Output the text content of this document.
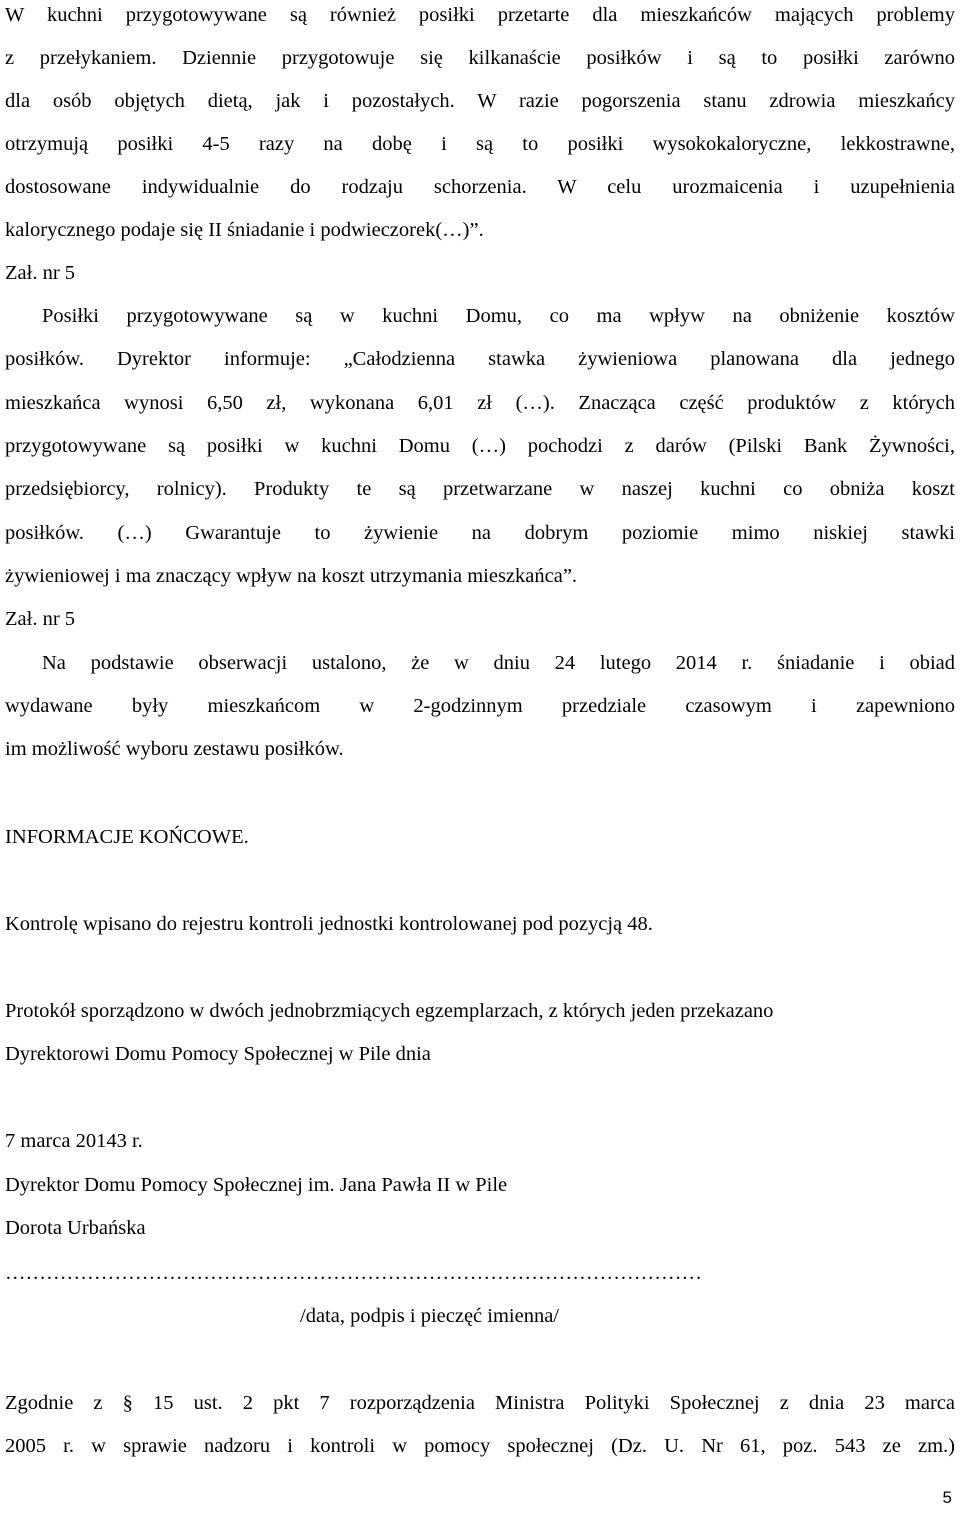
W kuchni przygotowywane są również posiłki przetarte dla mieszkańców mających problemy
z przełykaniem. Dziennie przygotowuje się kilkanaście posiłków i są to posiłki zarówno
dla osób objętych dietą, jak i pozostałych. W razie pogorszenia stanu zdrowia mieszkańcy
otrzymują posiłki 4-5 razy na dobę i są to posiłki wysokokaloryczne, lekkostrawne,
dostosowane indywidualnie do rodzaju schorzenia. W celu urozmaicenia i uzupełnienia
kalorycznego podaje się II śniadanie i podwieczorek(…)”.
Zał. nr 5
Posiłki przygotowywane są w kuchni Domu, co ma wpływ na obniżenie kosztów
posiłków. Dyrektor informuje: „Całodzienna stawka żywieniowa planowana dla jednego
mieszkańca wynosi 6,50 zł, wykonana 6,01 zł (…). Znacząca część produktów z których
przygotowywane są posiłki w kuchni Domu (…) pochodzi z darów (Pilski Bank Żywności,
przedsiębiorcy, rolnicy). Produkty te są przetwarzane w naszej kuchni co obniża koszt
posiłków. (…) Gwarantuje to żywienie na dobrym poziomie mimo niskiej stawki
żywieniowej i ma znaczący wpływ na koszt utrzymania mieszkańca”.
Zał. nr 5
Na podstawie obserwacji ustalono, że w dniu 24 lutego 2014 r. śniadanie i obiad
wydawane były mieszkańcom w 2-godzinnym przedziale czasowym i zapewniono
im możliwość wyboru zestawu posiłków.
INFORMACJE KOŃCOWE.
Kontrolę wpisano do rejestru kontroli jednostki kontrolowanej pod pozycją 48.
Protokół sporządzono w dwóch jednobrzmiących egzemplarzach, z których jeden przekazano
Dyrektorowi Domu Pomocy Społecznej w Pile dnia
7 marca 20143 r.
Dyrektor Domu Pomocy Społecznej im. Jana Pawła II w Pile
Dorota Urbańska
…………………………………………………………………………………………
/data, podpis i pieczęć imienna/
Zgodnie z § 15 ust. 2 pkt 7 rozporządzenia Ministra Polityki Społecznej z dnia 23 marca
2005 r. w sprawie nadzoru i kontroli w pomocy społecznej (Dz. U. Nr 61, poz. 543 ze zm.)
5
